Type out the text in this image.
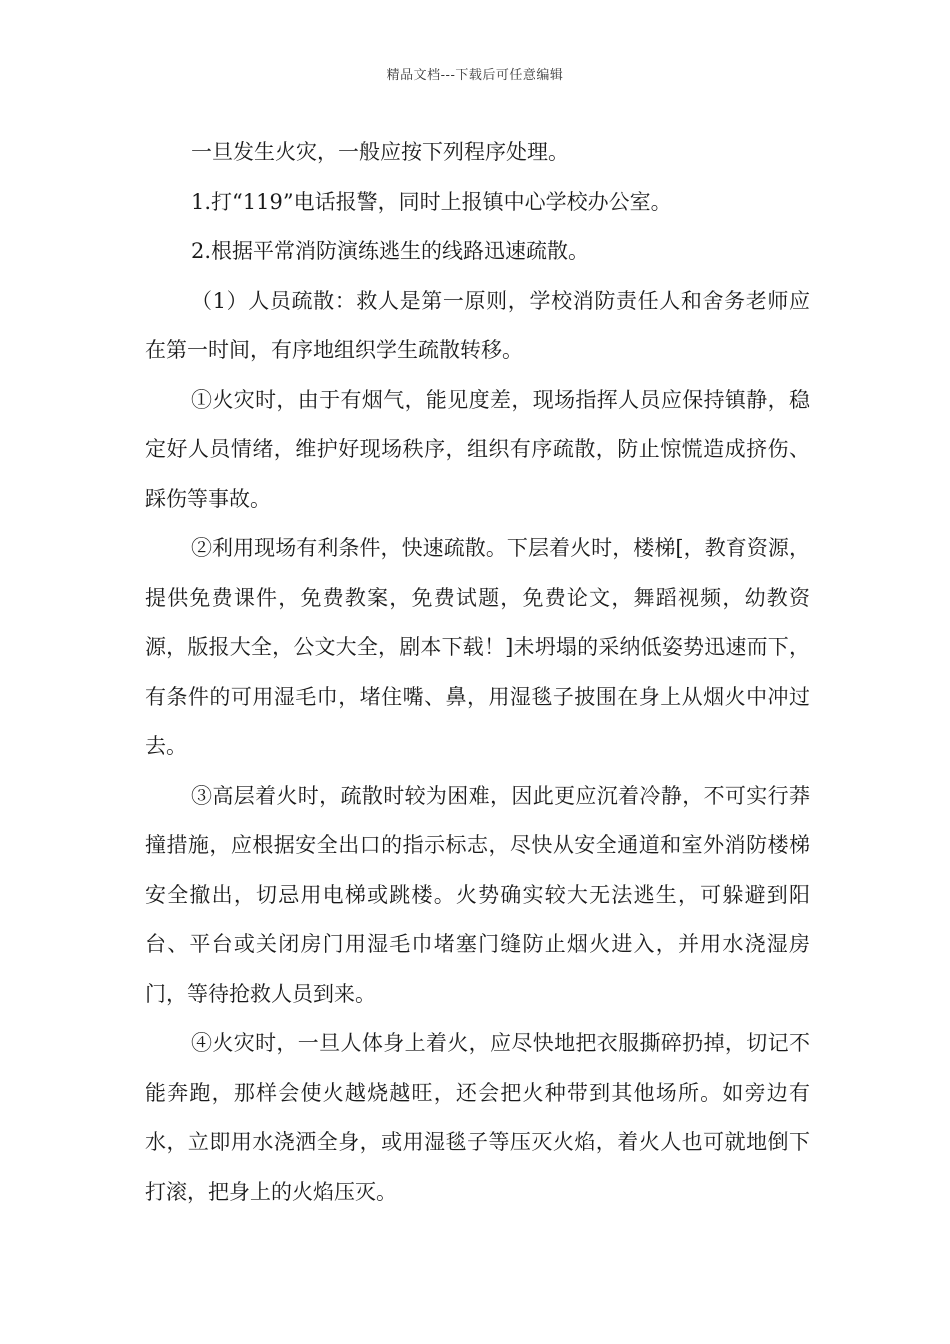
精品文档---下载后可任意编辑

一旦发生火灾，一般应按下列程序处理。

1.打“119”电话报警，同时上报镇中心学校办公室。

2.根据平常消防演练逃生的线路迅速疏散。

（1）人员疏散：救人是第一原则，学校消防责任人和舍务老师应在第一时间，有序地组织学生疏散转移。

①火灾时，由于有烟气，能见度差，现场指挥人员应保持镇静，稳定好人员情绪，维护好现场秩序，组织有序疏散，防止惊慌造成挤伤、踩伤等事故。

②利用现场有利条件，快速疏散。下层着火时，楼梯[，教育资源，提供免费课件，免费教案，免费试题，免费论文，舞蹈视频，幼教资源，版报大全，公文大全，剧本下载！]未坍塌的采纳低姿势迅速而下，有条件的可用湿毛巾，堵住嘴、鼻，用湿毯子披围在身上从烟火中冲过去。

③高层着火时，疏散时较为困难，因此更应沉着冷静，不可实行莽撞措施，应根据安全出口的指示标志，尽快从安全通道和室外消防楼梯安全撤出，切忌用电梯或跳楼。火势确实较大无法逃生，可躲避到阳台、平台或关闭房门用湿毛巾堵塞门缝防止烟火进入，并用水浇湿房门，等待抢救人员到来。

④火灾时，一旦人体身上着火，应尽快地把衣服撕碎扔掉，切记不能奔跑，那样会使火越烧越旺，还会把火种带到其他场所。如旁边有水，立即用水浇洒全身，或用湿毯子等压灭火焰，着火人也可就地倒下打滚，把身上的火焰压灭。
